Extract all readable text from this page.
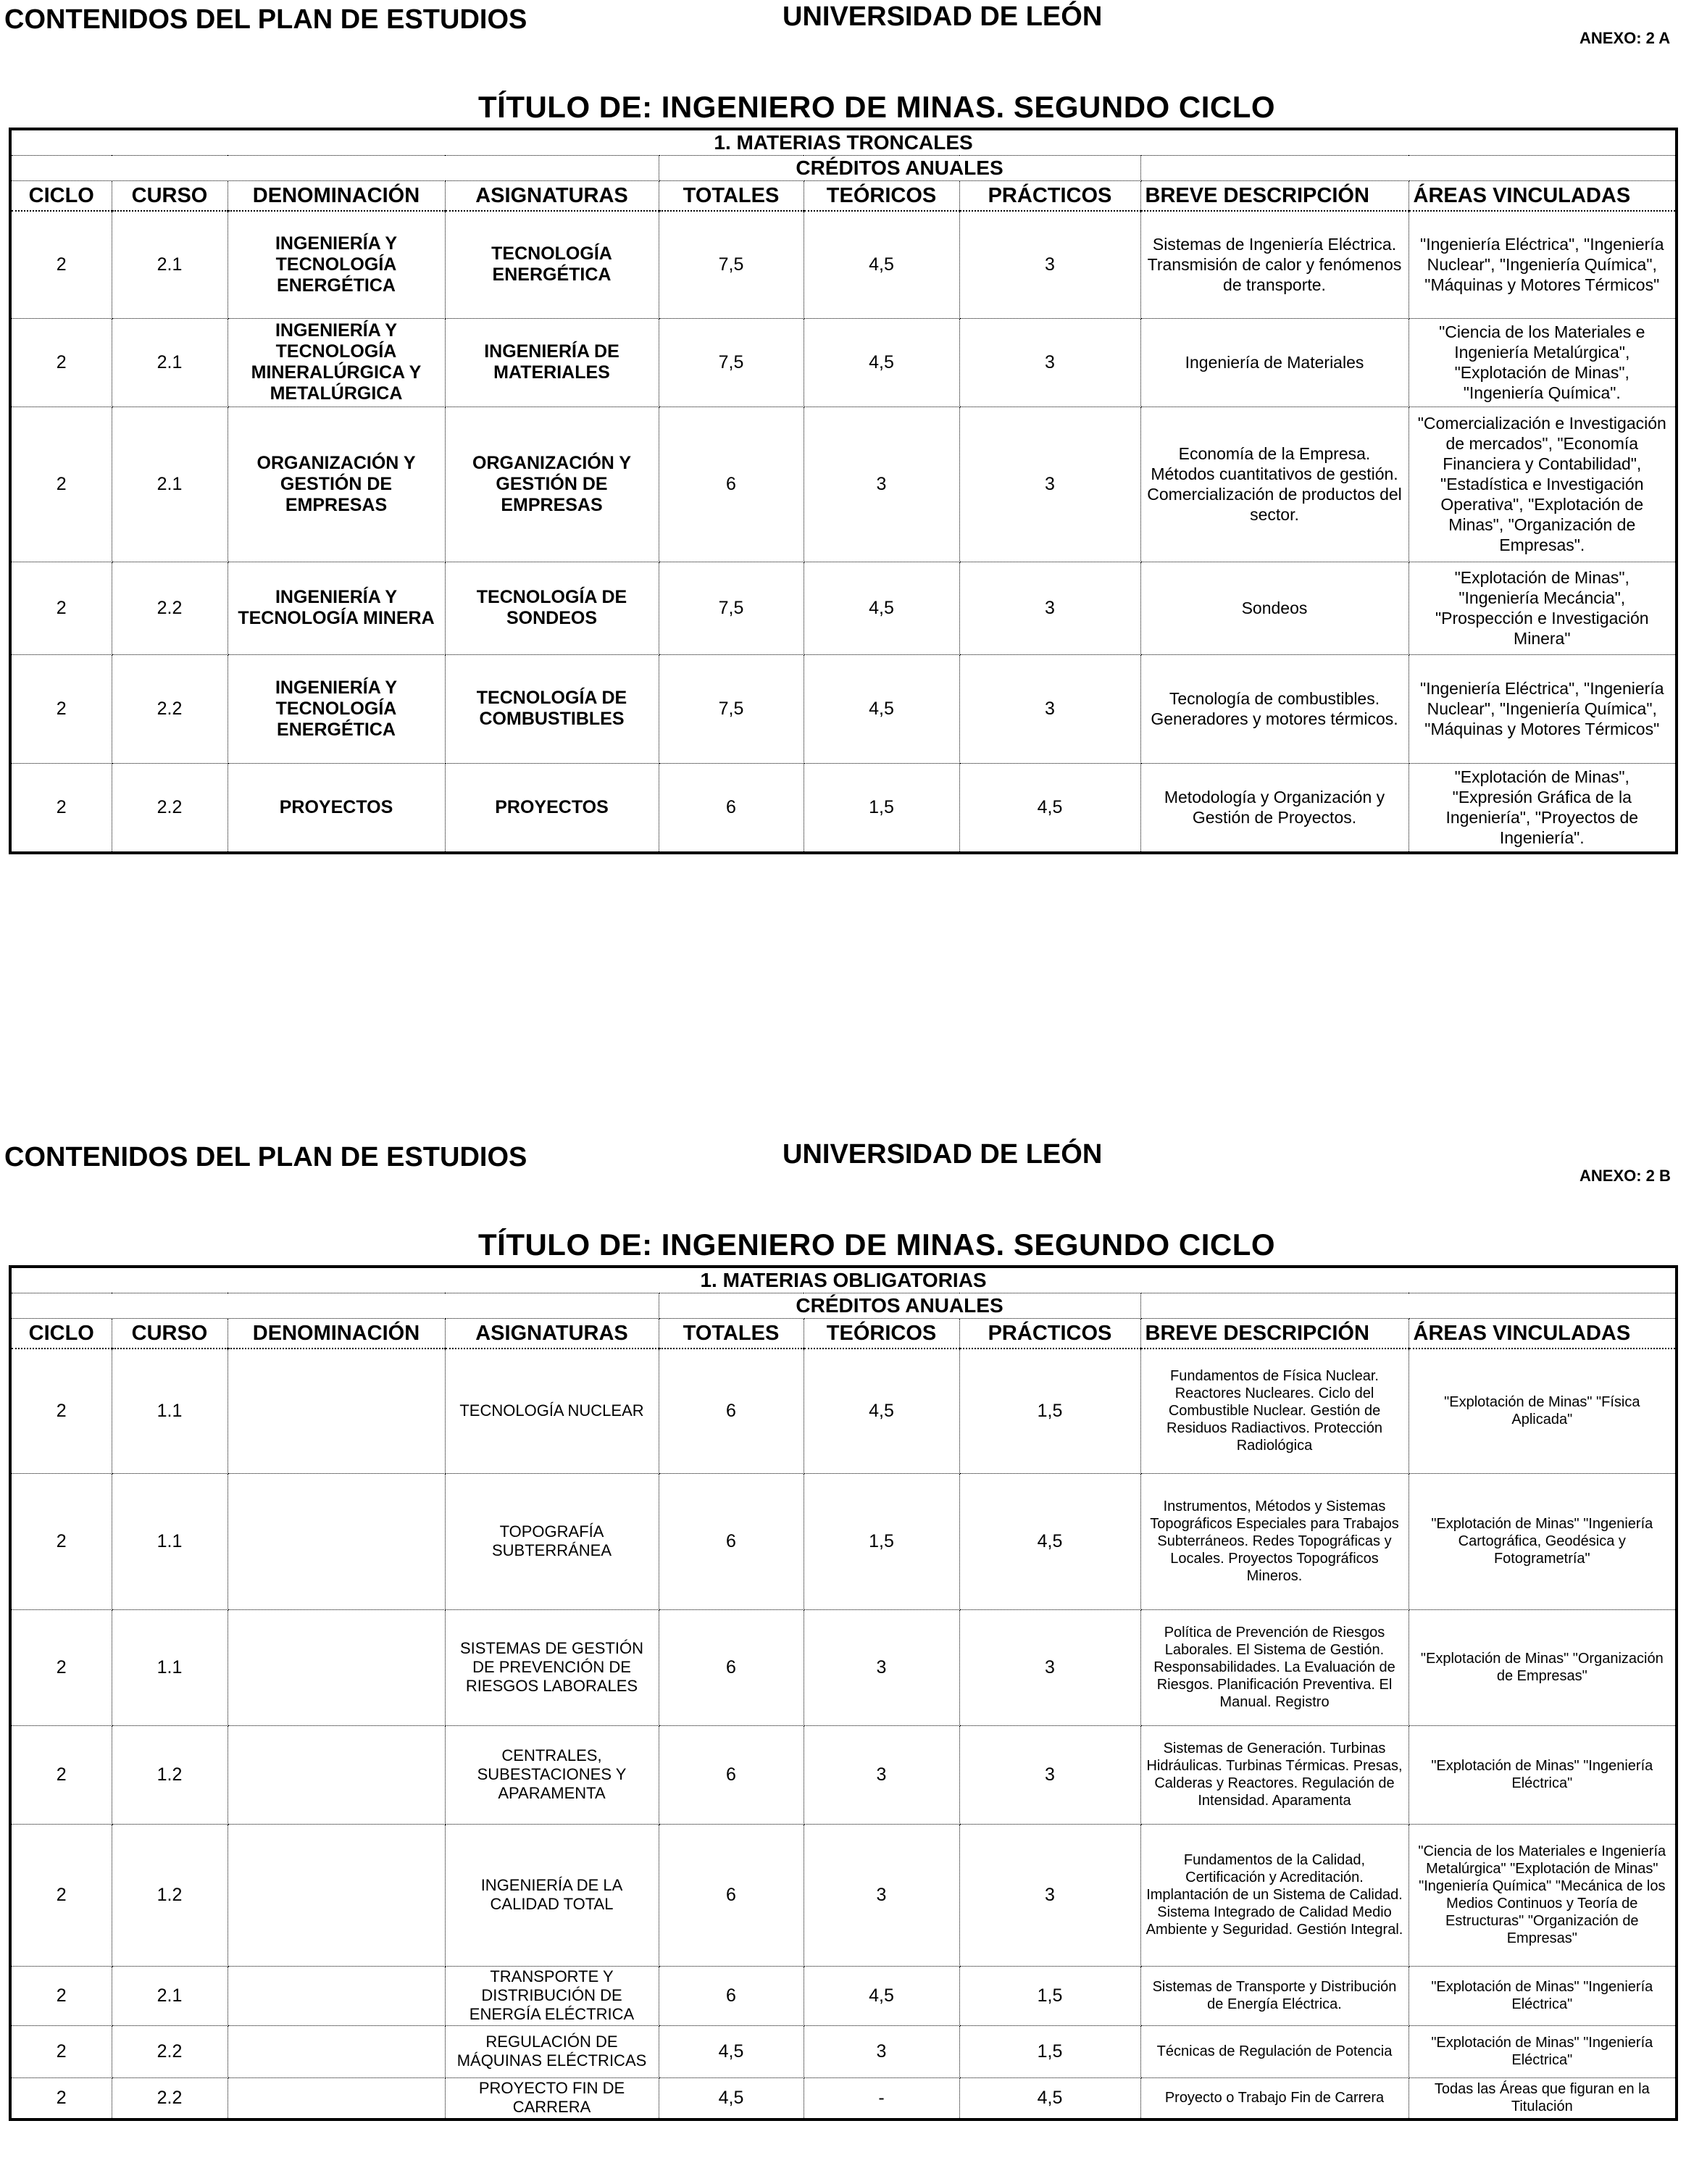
CONTENIDOS DEL PLAN DE ESTUDIOS	UNIVERSIDAD DE LEÓN
ANEXO: 2 A
TÍTULO DE: INGENIERO DE MINAS. SEGUNDO CICLO
1. MATERIAS TRONCALES								
				CRÉDITOS ANUALES				
CICLO	CURSO	DENOMINACIÓN	ASIGNATURAS	TOTALES	TEÓRICOS	PRÁCTICOS	BREVE DESCRIPCIÓN	ÁREAS VINCULADAS
2	2.1	INGENIERÍA Y TECNOLOGÍA ENERGÉTICA	TECNOLOGÍA ENERGÉTICA	7,5	4,5	3	Sistemas de Ingeniería Eléctrica. Transmisión de calor y fenómenos de transporte.	"Ingeniería Eléctrica", "Ingeniería Nuclear", "Ingeniería Química", "Máquinas y Motores Térmicos"
2	2.1	INGENIERÍA Y TECNOLOGÍA MINERALÚRGICA Y METALÚRGICA	INGENIERÍA DE MATERIALES	7,5	4,5	3	Ingeniería de Materiales	"Ciencia de los Materiales e Ingeniería Metalúrgica", "Explotación de Minas", "Ingeniería Química".
2	2.1	ORGANIZACIÓN Y GESTIÓN DE EMPRESAS	ORGANIZACIÓN Y GESTIÓN DE EMPRESAS	6	3	3	Economía de la Empresa. Métodos cuantitativos de gestión. Comercialización de productos del sector.	"Comercialización e Investigación de mercados", "Economía Financiera y Contabilidad", "Estadística e Investigación Operativa", "Explotación de Minas", "Organización de Empresas".
2	2.2	INGENIERÍA Y TECNOLOGÍA MINERA	TECNOLOGÍA DE SONDEOS	7,5	4,5	3	Sondeos	"Explotación de Minas", "Ingeniería Mecáncia", "Prospección e Investigación Minera"
2	2.2	INGENIERÍA Y TECNOLOGÍA ENERGÉTICA	TECNOLOGÍA DE COMBUSTIBLES	7,5	4,5	3	Tecnología de combustibles. Generadores y motores térmicos.	"Ingeniería Eléctrica", "Ingeniería Nuclear", "Ingeniería Química", "Máquinas y Motores Térmicos"
2	2.2	PROYECTOS	PROYECTOS	6	1,5	4,5	Metodología y Organización y Gestión de Proyectos.	"Explotación de Minas", "Expresión Gráfica de la Ingeniería", "Proyectos de Ingeniería".
CONTENIDOS DEL PLAN DE ESTUDIOS	UNIVERSIDAD DE LEÓN
ANEXO: 2 B
TÍTULO DE: INGENIERO DE MINAS. SEGUNDO CICLO
1. MATERIAS OBLIGATORIAS								
				CRÉDITOS ANUALES				
CICLO	CURSO	DENOMINACIÓN	ASIGNATURAS	TOTALES	TEÓRICOS	PRÁCTICOS	BREVE DESCRIPCIÓN	ÁREAS VINCULADAS
2	1.1		TECNOLOGÍA NUCLEAR	6	4,5	1,5	Fundamentos de Física Nuclear. Reactores Nucleares. Ciclo del Combustible Nuclear. Gestión de Residuos Radiactivos. Protección Radiológica	"Explotación de Minas" "Física Aplicada"
2	1.1		TOPOGRAFÍA SUBTERRÁNEA	6	1,5	4,5	Instrumentos, Métodos y Sistemas Topográficos Especiales para Trabajos Subterráneos. Redes Topográficas y Locales. Proyectos Topográficos Mineros.	"Explotación de Minas" "Ingeniería Cartográfica, Geodésica y Fotogrametría"
2	1.1		SISTEMAS DE GESTIÓN DE PREVENCIÓN DE RIESGOS LABORALES	6	3	3	Política de Prevención de Riesgos Laborales. El Sistema de Gestión. Responsabilidades. La Evaluación de Riesgos. Planificación Preventiva. El Manual. Registro	"Explotación de Minas" "Organización de Empresas"
2	1.2		CENTRALES, SUBESTACIONES Y APARAMENTA	6	3	3	Sistemas de Generación. Turbinas Hidráulicas. Turbinas Térmicas. Presas, Calderas y Reactores. Regulación de Intensidad. Aparamenta	"Explotación de Minas" "Ingeniería Eléctrica"
2	1.2		INGENIERÍA DE LA CALIDAD TOTAL	6	3	3	Fundamentos de la Calidad, Certificación y Acreditación. Implantación de un Sistema de Calidad. Sistema Integrado de Calidad Medio Ambiente y Seguridad. Gestión Integral.	"Ciencia de los Materiales e Ingeniería Metalúrgica" "Explotación de Minas" "Ingeniería Química" "Mecánica de los Medios Continuos y Teoría de Estructuras" "Organización de Empresas"
2	2.1		TRANSPORTE Y DISTRIBUCIÓN DE ENERGÍA ELÉCTRICA	6	4,5	1,5	Sistemas de Transporte y Distribución de Energía Eléctrica.	"Explotación de Minas" "Ingeniería Eléctrica"
2	2.2		REGULACIÓN DE MÁQUINAS ELÉCTRICAS	4,5	3	1,5	Técnicas de Regulación de Potencia	"Explotación de Minas" "Ingeniería Eléctrica"
2	2.2		PROYECTO FIN DE CARRERA	4,5	-	4,5	Proyecto o Trabajo Fin de Carrera	Todas las Áreas que figuran en la Titulación
